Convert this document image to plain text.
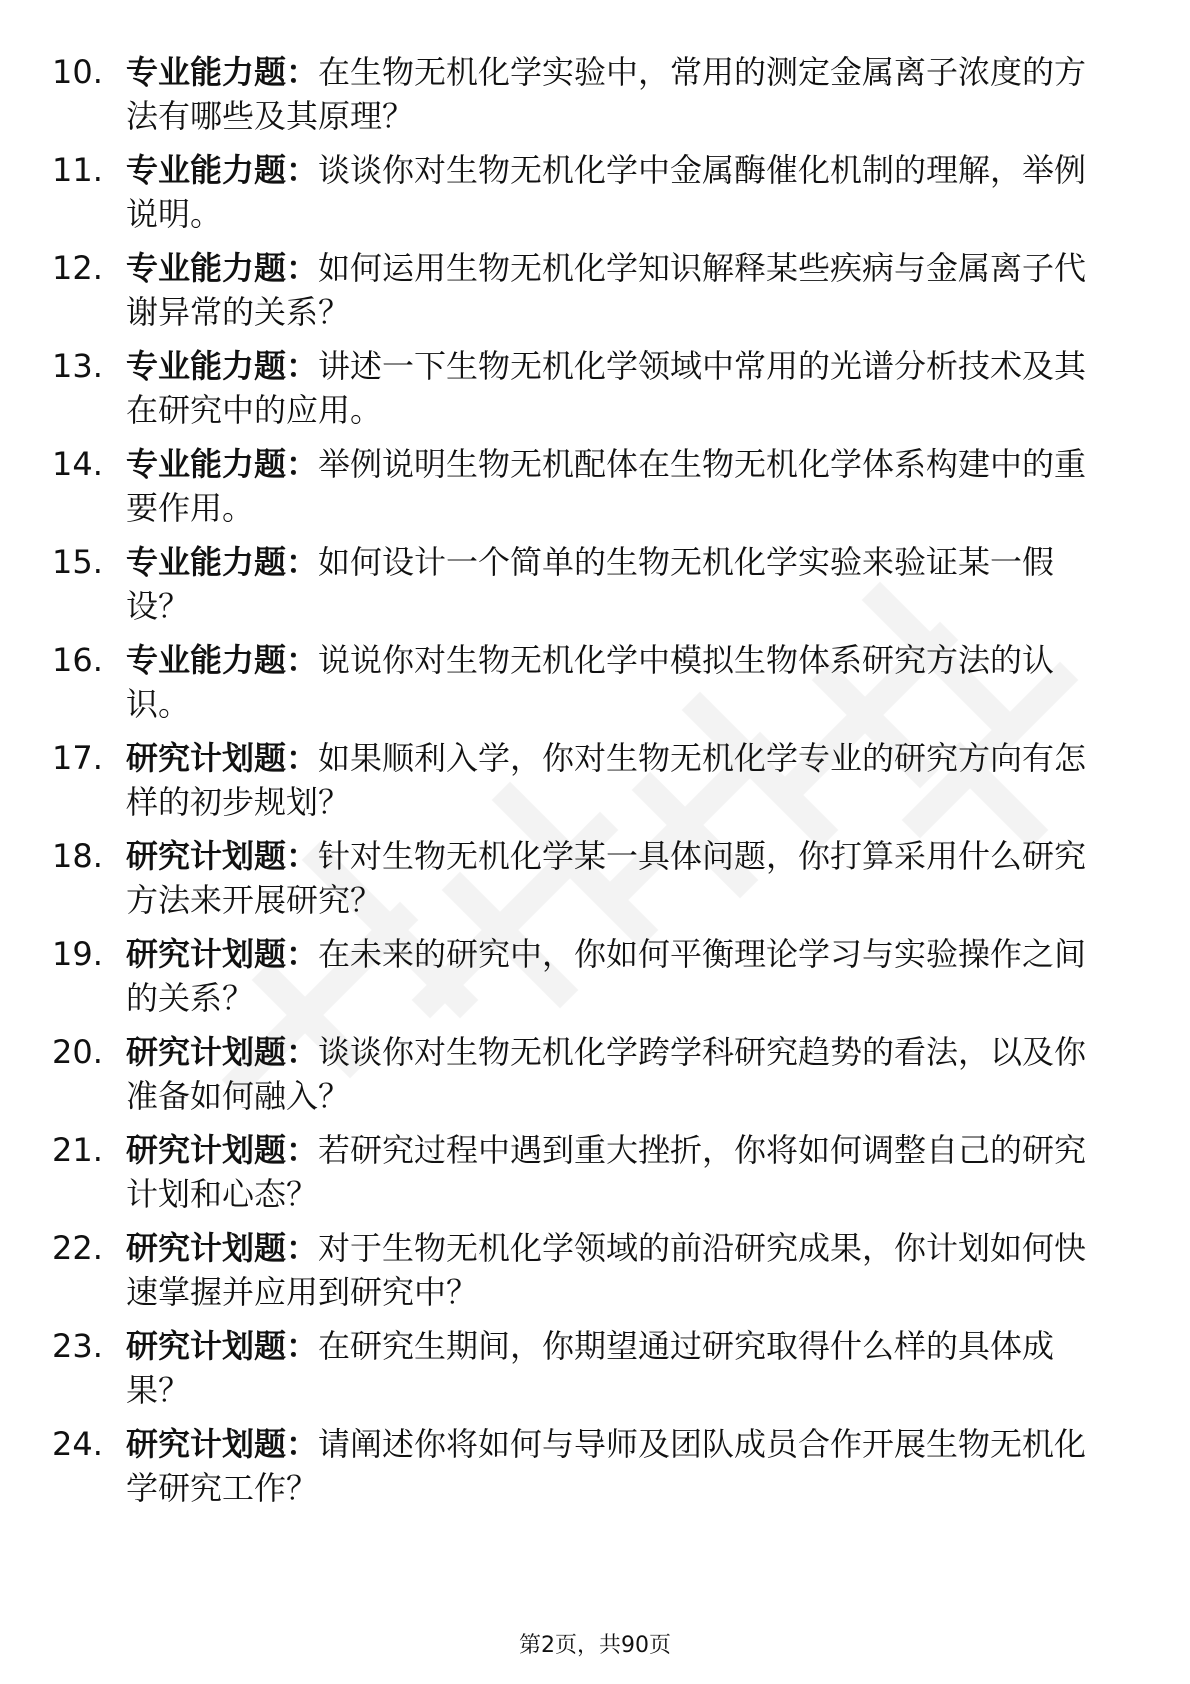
10. 专业能力题：在生物无机化学实验中，常用的测定金属离子浓度的方法有哪些及其原理？
11. 专业能力题：谈谈你对生物无机化学中金属酶催化机制的理解，举例说明。
12. 专业能力题：如何运用生物无机化学知识解释某些疾病与金属离子代谢异常的关系？
13. 专业能力题：讲述一下生物无机化学领域中常用的光谱分析技术及其在研究中的应用。
14. 专业能力题：举例说明生物无机配体在生物无机化学体系构建中的重要作用。
15. 专业能力题：如何设计一个简单的生物无机化学实验来验证某一假设？
16. 专业能力题：说说你对生物无机化学中模拟生物体系研究方法的认识。
17. 研究计划题：如果顺利入学，你对生物无机化学专业的研究方向有怎样的初步规划？
18. 研究计划题：针对生物无机化学某一具体问题，你打算采用什么研究方法来开展研究？
19. 研究计划题：在未来的研究中，你如何平衡理论学习与实验操作之间的关系？
20. 研究计划题：谈谈你对生物无机化学跨学科研究趋势的看法，以及你准备如何融入？
21. 研究计划题：若研究过程中遇到重大挫折，你将如何调整自己的研究计划和心态？
22. 研究计划题：对于生物无机化学领域的前沿研究成果，你计划如何快速掌握并应用到研究中？
23. 研究计划题：在研究生期间，你期望通过研究取得什么样的具体成果？
24. 研究计划题：请阐述你将如何与导师及团队成员合作开展生物无机化学研究工作？
第2页，共90页
